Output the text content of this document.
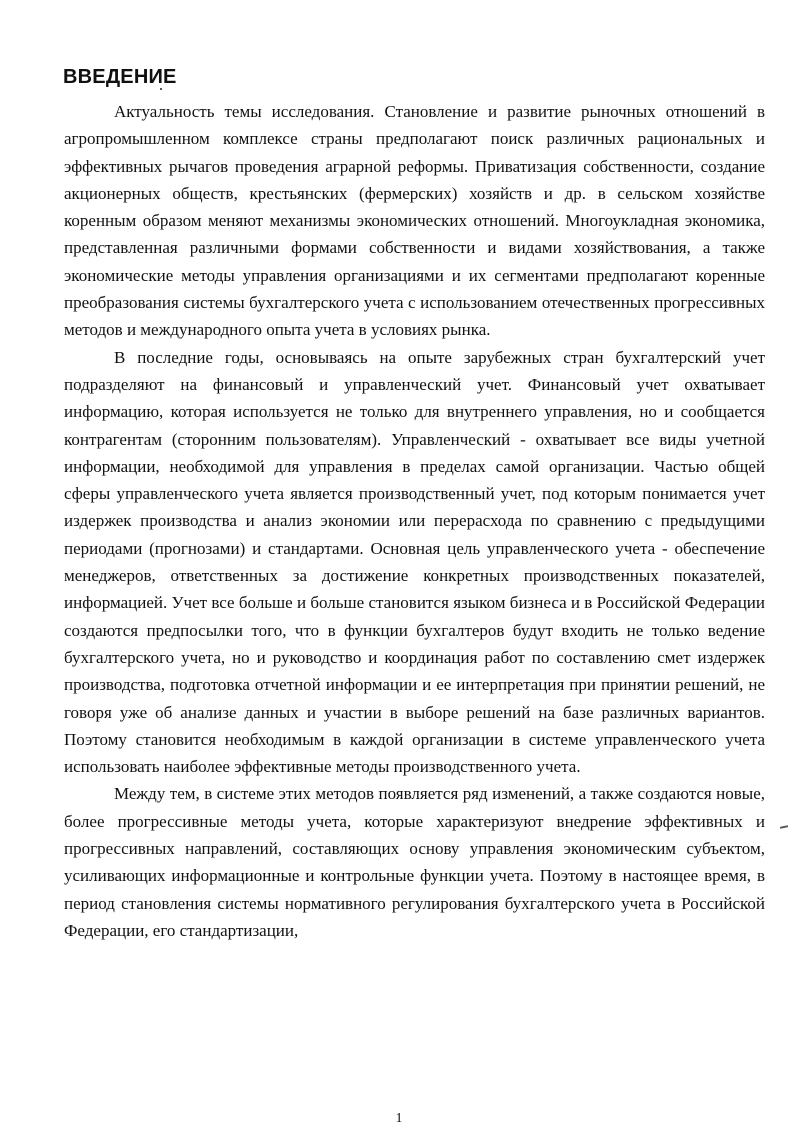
ВВЕДЕНИЕ

Актуальность темы исследования. Становление и развитие рыночных отношений в агропромышленном комплексе страны предполагают поиск различных рациональных и эффективных рычагов проведения аграрной реформы. Приватизация собственности, создание акционерных обществ, крестьянских (фермерских) хозяйств и др. в сельском хозяйстве коренным образом меняют механизмы экономических отношений. Многоукладная экономика, представленная различными формами собственности и видами хозяйствования, а также экономические методы управления организациями и их сегментами предполагают коренные преобразования системы бухгалтерского учета с использованием отечественных прогрессивных методов и международного опыта учета в условиях рынка.

В последние годы, основываясь на опыте зарубежных стран бухгалтерский учет подразделяют на финансовый и управленческий учет. Финансовый учет охватывает информацию, которая используется не только для внутреннего управления, но и сообщается контрагентам (сторонним пользователям). Управленческий - охватывает все виды учетной информации, необходимой для управления в пределах самой организации. Частью общей сферы управленческого учета является производственный учет, под которым понимается учет издержек производства и анализ экономии или перерасхода по сравнению с предыдущими периодами (прогнозами) и стандартами. Основная цель управленческого учета - обеспечение менеджеров, ответственных за достижение конкретных производственных показателей, информацией. Учет все больше и больше становится языком бизнеса и в Российской Федерации создаются предпосылки того, что в функции бухгалтеров будут входить не только ведение бухгалтерского учета, но и руководство и координация работ по составлению смет издержек производства, подготовка отчетной информации и ее интерпретация при принятии решений, не говоря уже об анализе данных и участии в выборе решений на базе различных вариантов. Поэтому становится необходимым в каждой организации в системе управленческого учета использовать наиболее эффективные методы производственного учета.

Между тем, в системе этих методов появляется ряд изменений, а также создаются новые, более прогрессивные методы учета, которые характеризуют внедрение эффективных и прогрессивных направлений, составляющих основу управления экономическим субъектом, усиливающих информационные и контрольные функции учета. Поэтому в настоящее время, в период становления системы нормативного регулирования бухгалтерского учета в Российской Федерации, его стандартизации,

1
